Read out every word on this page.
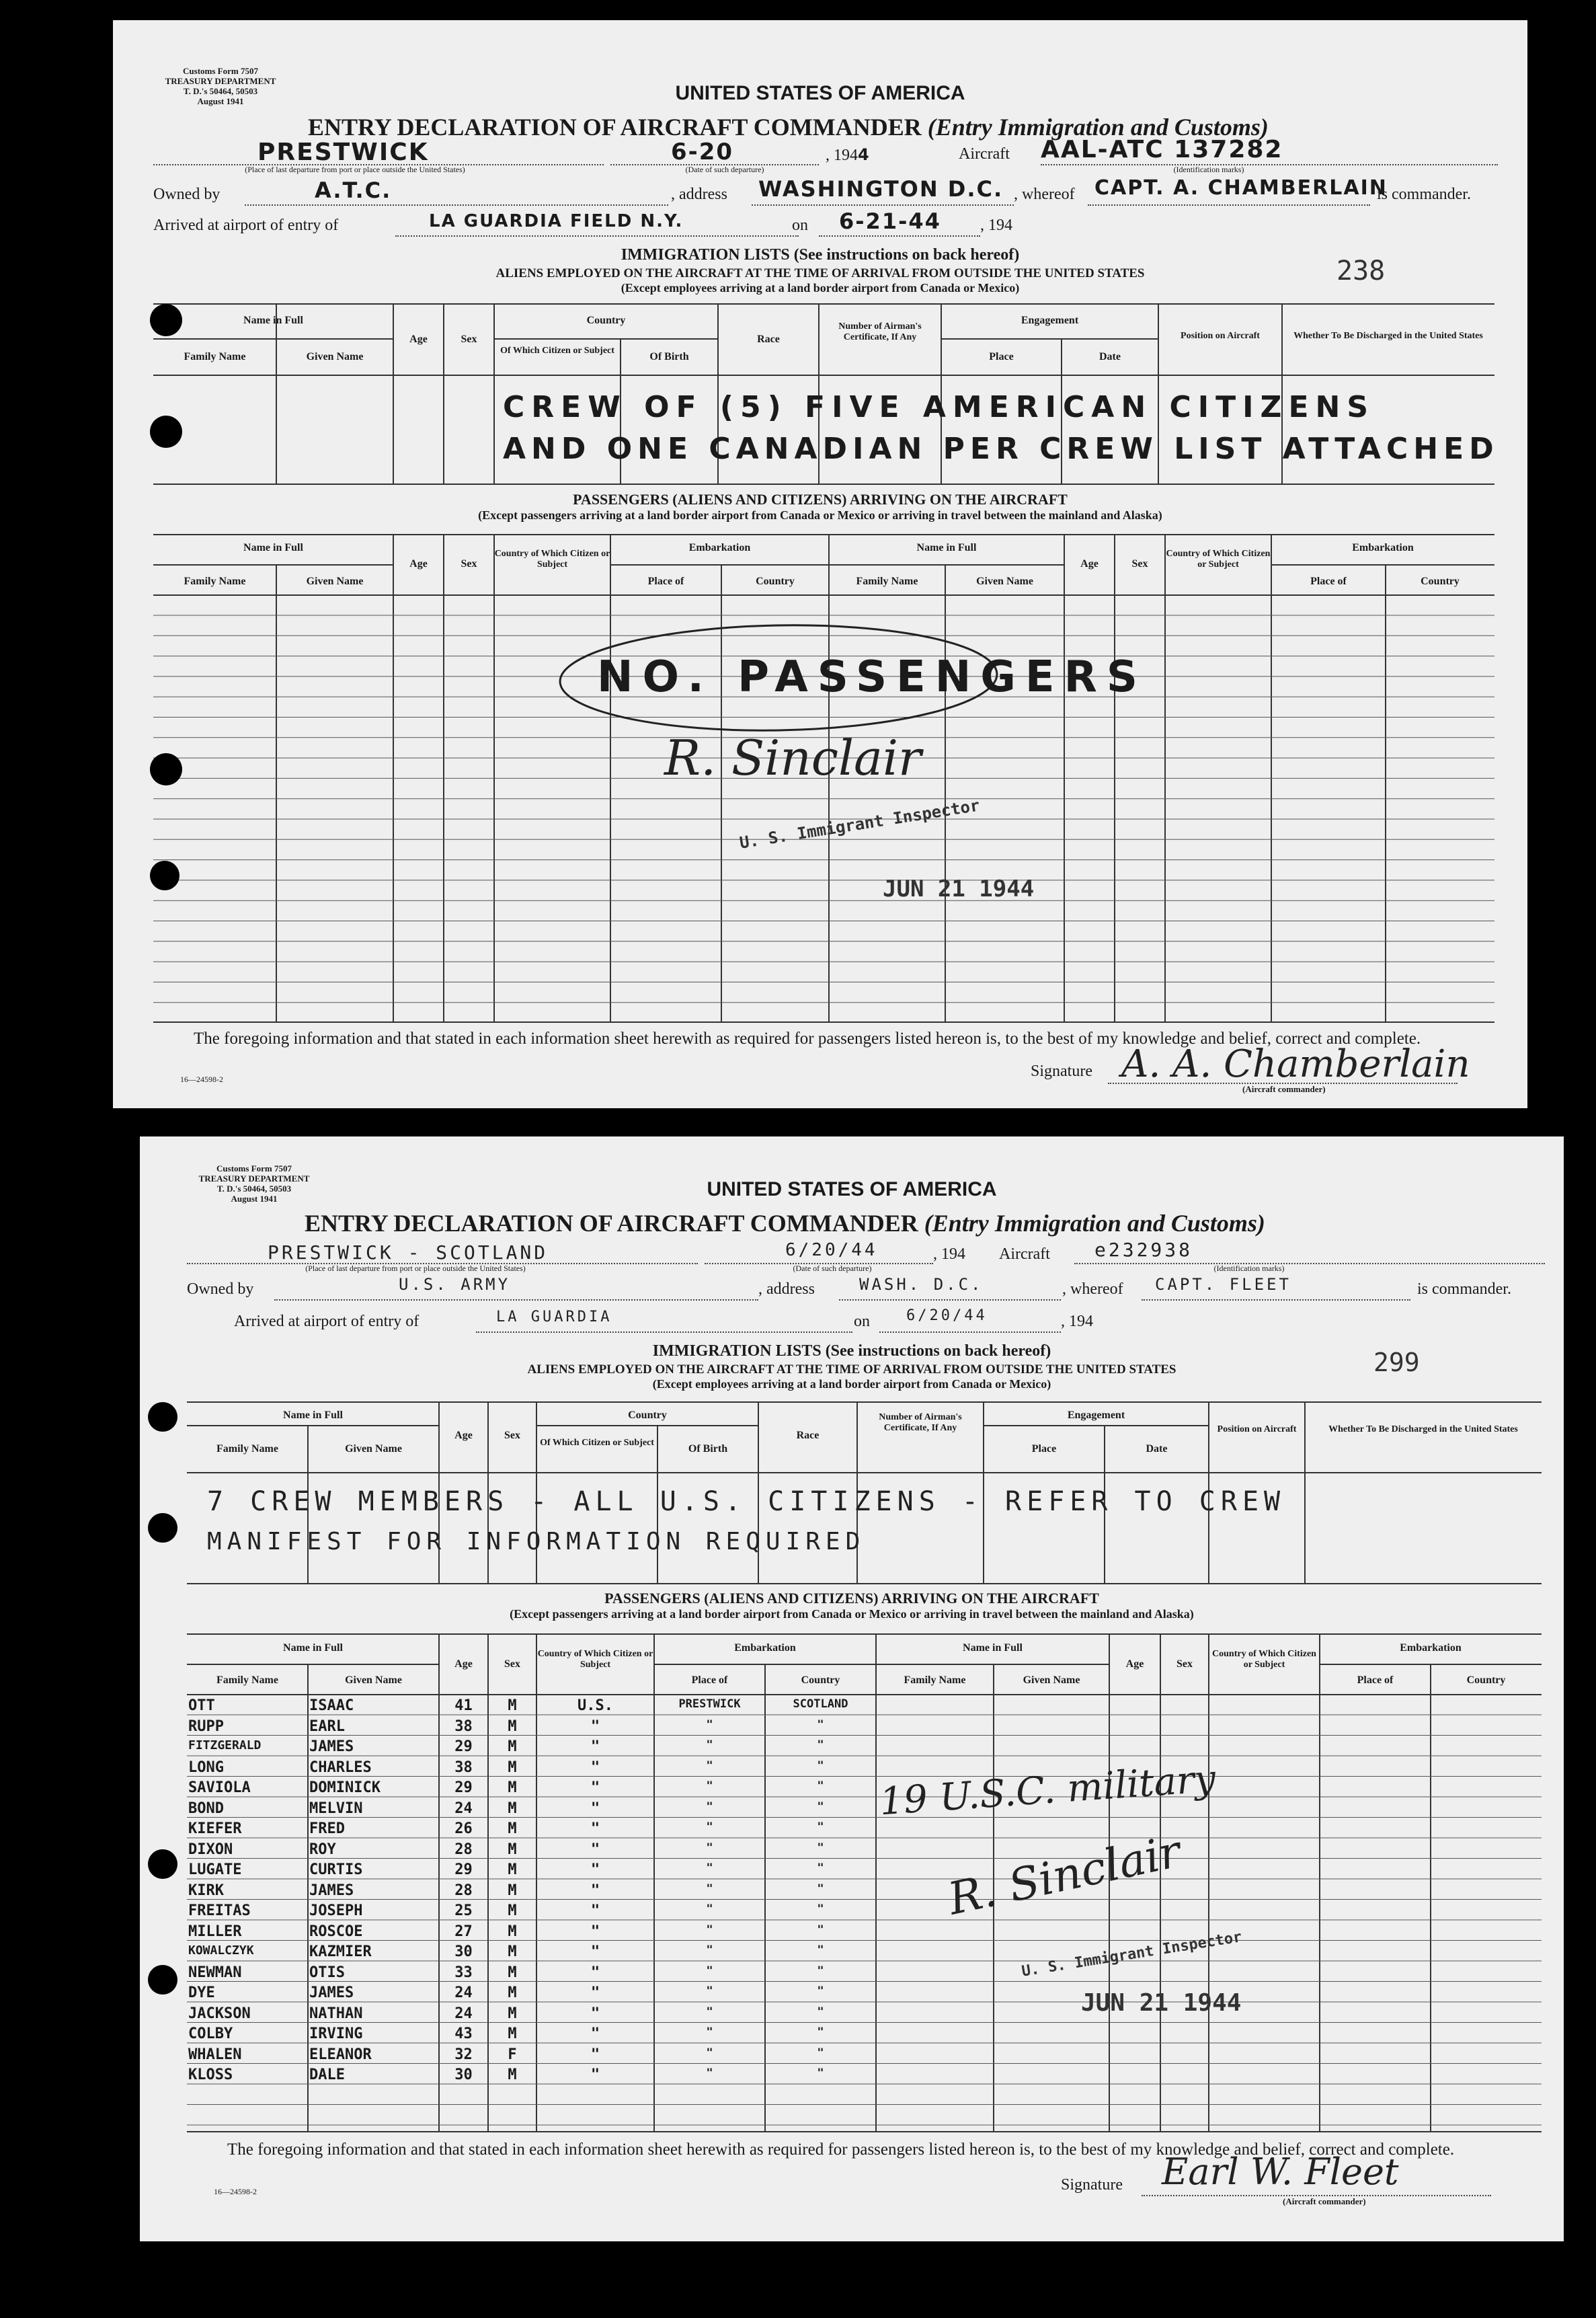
Customs Form 7507
TREASURY DEPARTMENT
T. D.'s 50464, 50503
August 1941	UNITED STATES OF AMERICA
ENTRY DECLARATION OF AIRCRAFT COMMANDER (Entry Immigration and Customs)
PRESTWICK	6-20	, 1944	Aircraft AAL-ATC 137282
(Place of last departure from port or place outside the United States)	(Date of such departure)	(Identification marks)
Owned by	A.T.C.	, address WASHINGTON D.C. , whereof CAPT. A. CHAMBERLAIN
is commander.
Arrived at airport of entry of	LA GUARDIA FIELD N.Y.	on 6-21-44 , 194
IMMIGRATION LISTS (See instructions on back hereof)
ALIENS EMPLOYED ON THE AIRCRAFT AT THE TIME OF ARRIVAL FROM OUTSIDE THE UNITED STATES
(Except employees arriving at a land border airport from Canada or Mexico)
238
Name in Full
Family Name	Given Name
Age	Sex
Country
Of Which Citizen or Subject
Of Birth
Race
Number of Airman's Certificate, If Any
Engagement
Place	Date
Position on Aircraft	Whether To Be Discharged in the United States
CREW OF (5) FIVE AMERICAN CITIZENS
AND ONE CANADIAN PER CREW LIST ATTACHED
PASSENGERS (ALIENS AND CITIZENS) ARRIVING ON THE AIRCRAFT
(Except passengers arriving at a land border airport from Canada or Mexico or arriving in travel between the mainland and Alaska)
Name in Full
Family Name	Given Name
Age	Sex
Country of Which Citizen or Subject
Embarkation
Place of	Country
Name in Full
Family Name	Given Name
Age	Sex
Country of Which Citizen or Subject
Embarkation
Place of	Country
NO. PASSENGERS
R. Sinclair
U. S. Immigrant Inspector
JUN 21 1944
The foregoing information and that stated in each information sheet herewith as required for passengers listed hereon is, to the best of my knowledge and belief, correct and complete.
Signature A. A. Chamberlain
(Aircraft commander)
16—24598-2
Customs Form 7507
TREASURY DEPARTMENT
T. D.'s 50464, 50503
August 1941	UNITED STATES OF AMERICA
ENTRY DECLARATION OF AIRCRAFT COMMANDER (Entry Immigration and Customs)
PRESTWICK - SCOTLAND	6/20/44	, 194 Aircraft e232938
(Place of last departure from port or place outside the United States)	(Date of such departure)	(Identification marks)
Owned by	U.S. ARMY	, address	WASH. D.C.	, whereof CAPT. FLEET	is commander.
Arrived at airport of entry of	LA GUARDIA	on 6/20/44	, 194
IMMIGRATION LISTS (See instructions on back hereof)
ALIENS EMPLOYED ON THE AIRCRAFT AT THE TIME OF ARRIVAL FROM OUTSIDE THE UNITED STATES
(Except employees arriving at a land border airport from Canada or Mexico)
299
Name in Full
Family Name	Given Name
Age	Sex
Country
Of Which Citizen or Subject
Of Birth
Race
Number of Airman's Certificate, If Any
Engagement
Place	Date
Position on Aircraft	Whether To Be Discharged in the United States
7 CREW MEMBERS - ALL U.S. CITIZENS - REFER TO CREW
MANIFEST FOR INFORMATION REQUIRED
PASSENGERS (ALIENS AND CITIZENS) ARRIVING ON THE AIRCRAFT
(Except passengers arriving at a land border airport from Canada or Mexico or arriving in travel between the mainland and Alaska)
Name in Full
Family Name	Given Name
Age	Sex
Country of Which Citizen or Subject
Embarkation
Place of	Country
Name in Full
Family Name	Given Name
Age	Sex
Country of Which Citizen or Subject
Embarkation
Place of	Country
OTT	ISAAC	41	M	U.S.	PRESTWICK	SCOTLAND
RUPP	EARL	38	M	"	"	"
FITZGERALD	JAMES	29	M	"	"	"
LONG	CHARLES	38	M	"	"	"
SAVIOLA	DOMINICK	29	M	"	"	"
BOND	MELVIN	24	M	"	"	"
KIEFER	FRED	26	M	"	"	"
DIXON	ROY	28	M	"	"	"
LUGATE	CURTIS	29	M	"	"	"
KIRK	JAMES	28	M	"	"	"
FREITAS	JOSEPH	25	M	"	"	"
MILLER	ROSCOE	27	M	"	"	"
KOWALCZYK	KAZMIER	30	M	"	"	"
NEWMAN	OTIS	33	M	"	"	"
DYE	JAMES	24	M	"	"	"
JACKSON	NATHAN	24	M	"	"	"
COLBY	IRVING	43	M	"	"	"
WHALEN	ELEANOR	32	F	"	"	"
KLOSS	DALE	30	M	"	"	"
19 U.S.C. military
R. Sinclair
U. S. Immigrant Inspector
JUN 21 1944
The foregoing information and that stated in each information sheet herewith as required for passengers listed hereon is, to the best of my knowledge and belief, correct and complete.
Signature Earl W. Fleet
(Aircraft commander)
16—24598-2
